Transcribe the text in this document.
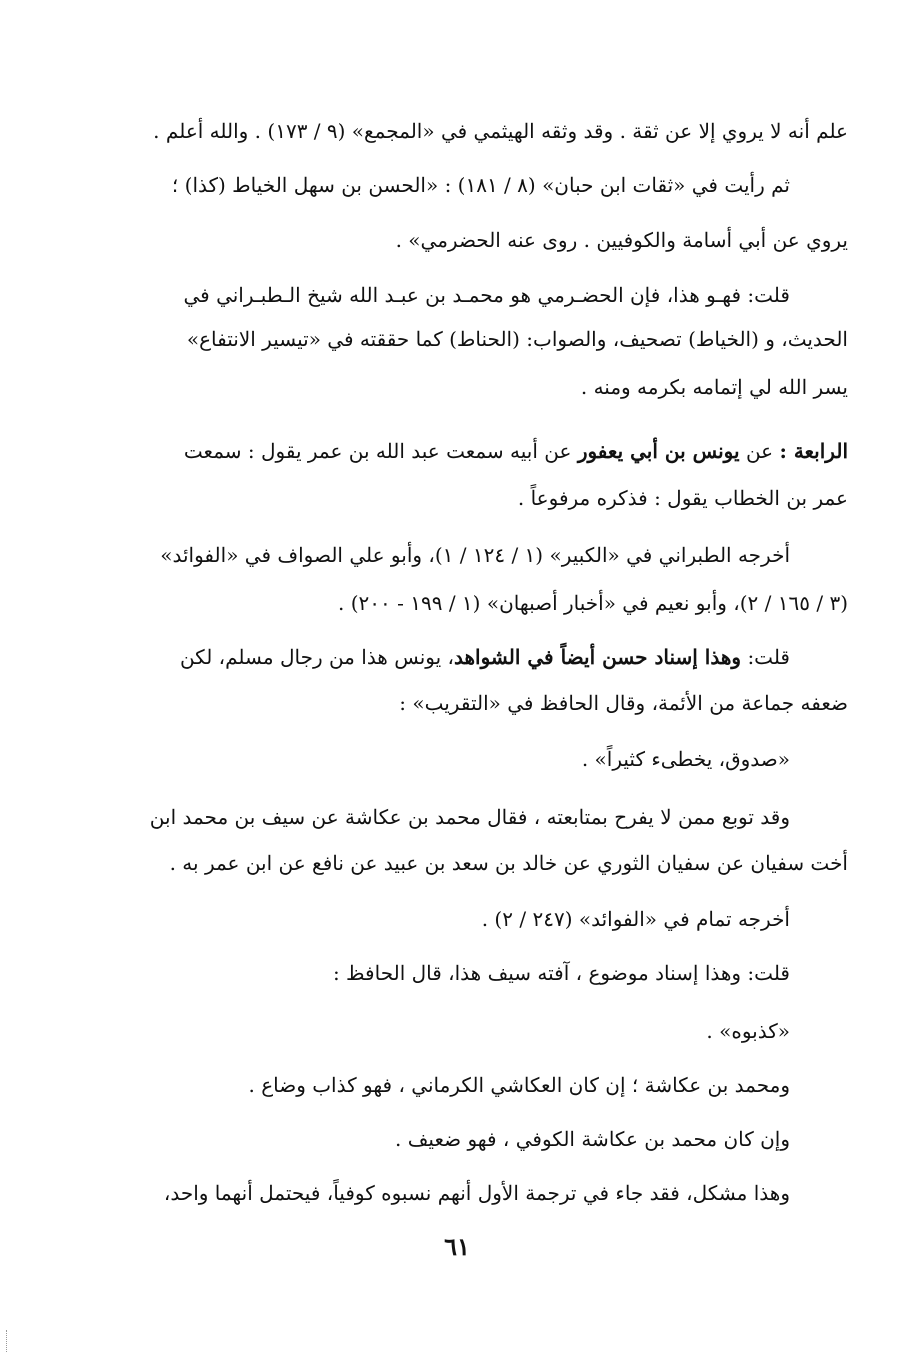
علم أنه لا يروي إلا عن ثقة . وقد وثقه الهيثمي في «المجمع» (٩ / ١٧٣) . والله أعلم .
ثم رأيت في «ثقات ابن حبان» (٨ / ١٨١) : «الحسن بن سهل الخياط (كذا) ؛
يروي عن أبي أسامة والكوفيين . روى عنه الحضرمي» .
قلت: فهـو هذا، فإن الحضـرمي هو محمـد بن عبـد الله شيخ الـطبـراني في
الحديث، و (الخياط) تصحيف، والصواب: (الحناط) كما حققته في «تيسير الانتفاع»
يسر الله لي إتمامه بكرمه ومنه .
الرابعة : عن يونس بن أبي يعفور عن أبيه سمعت عبد الله بن عمر يقول : سمعت
عمر بن الخطاب يقول : فذكره مرفوعاً .
أخرجه الطبراني في «الكبير» (١ / ١٢٤ / ١)، وأبو علي الصواف في «الفوائد»
(٣ / ١٦٥ / ٢)، وأبو نعيم في «أخبار أصبهان» (١ / ١٩٩ - ٢٠٠) .
قلت: وهذا إسناد حسن أيضاً في الشواهد، يونس هذا من رجال مسلم، لكن
ضعفه جماعة من الأئمة، وقال الحافظ في «التقريب» :
«صدوق، يخطىء كثيراً» .
وقد توبع ممن لا يفرح بمتابعته ، فقال محمد بن عكاشة عن سيف بن محمد ابن
أخت سفيان عن سفيان الثوري عن خالد بن سعد بن عبيد عن نافع عن ابن عمر به .
أخرجه تمام في «الفوائد» (٢٤٧ / ٢) .
قلت: وهذا إسناد موضوع ، آفته سيف هذا، قال الحافظ :
«كذبوه» .
ومحمد بن عكاشة ؛ إن كان العكاشي الكرماني ، فهو كذاب وضاع .
وإن كان محمد بن عكاشة الكوفي ، فهو ضعيف .
وهذا مشكل، فقد جاء في ترجمة الأول أنهم نسبوه كوفياً، فيحتمل أنهما واحد،
٦١
